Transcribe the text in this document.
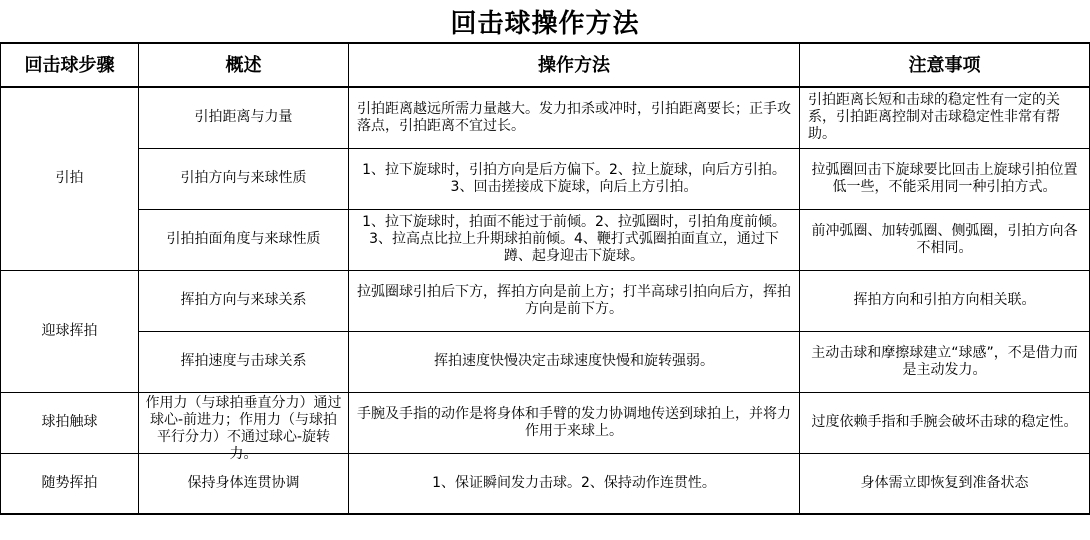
回击球操作方法
回击球步骤	概述	操作方法	注意事项
引拍	引拍距离与力量	引拍距离越远所需力量越大。发力扣杀或冲时，引拍距离要长；正手攻落点，引拍距离不宜过长。	引拍距离长短和击球的稳定性有一定的关系，引拍距离控制对击球稳定性非常有帮助。
	引拍方向与来球性质	1、拉下旋球时，引拍方向是后方偏下。2、拉上旋球，向后方引拍。3、回击搓接成下旋球，向后上方引拍。	拉弧圈回击下旋球要比回击上旋球引拍位置低一些，不能采用同一种引拍方式。
	引拍拍面角度与来球性质	1、拉下旋球时，拍面不能过于前倾。2、拉弧圈时，引拍角度前倾。3、拉高点比拉上升期球拍前倾。4、鞭打式弧圈拍面直立，通过下蹲、起身迎击下旋球。	前冲弧圈、加转弧圈、侧弧圈，引拍方向各不相同。
迎球挥拍	挥拍方向与来球关系	拉弧圈球引拍后下方，挥拍方向是前上方；打半高球引拍向后方，挥拍方向是前下方。	挥拍方向和引拍方向相关联。
	挥拍速度与击球关系	挥拍速度快慢决定击球速度快慢和旋转强弱。	主动击球和摩擦球建立“球感”，不是借力而是主动发力。
球拍触球	作用力（与球拍垂直分力）通过球心-前进力；作用力（与球拍平行分力）不通过球心-旋转力。	手腕及手指的动作是将身体和手臂的发力协调地传送到球拍上，并将力作用于来球上。	过度依赖手指和手腕会破坏击球的稳定性。
随势挥拍	保持身体连贯协调	1、保证瞬间发力击球。2、保持动作连贯性。	身体需立即恢复到准备状态
